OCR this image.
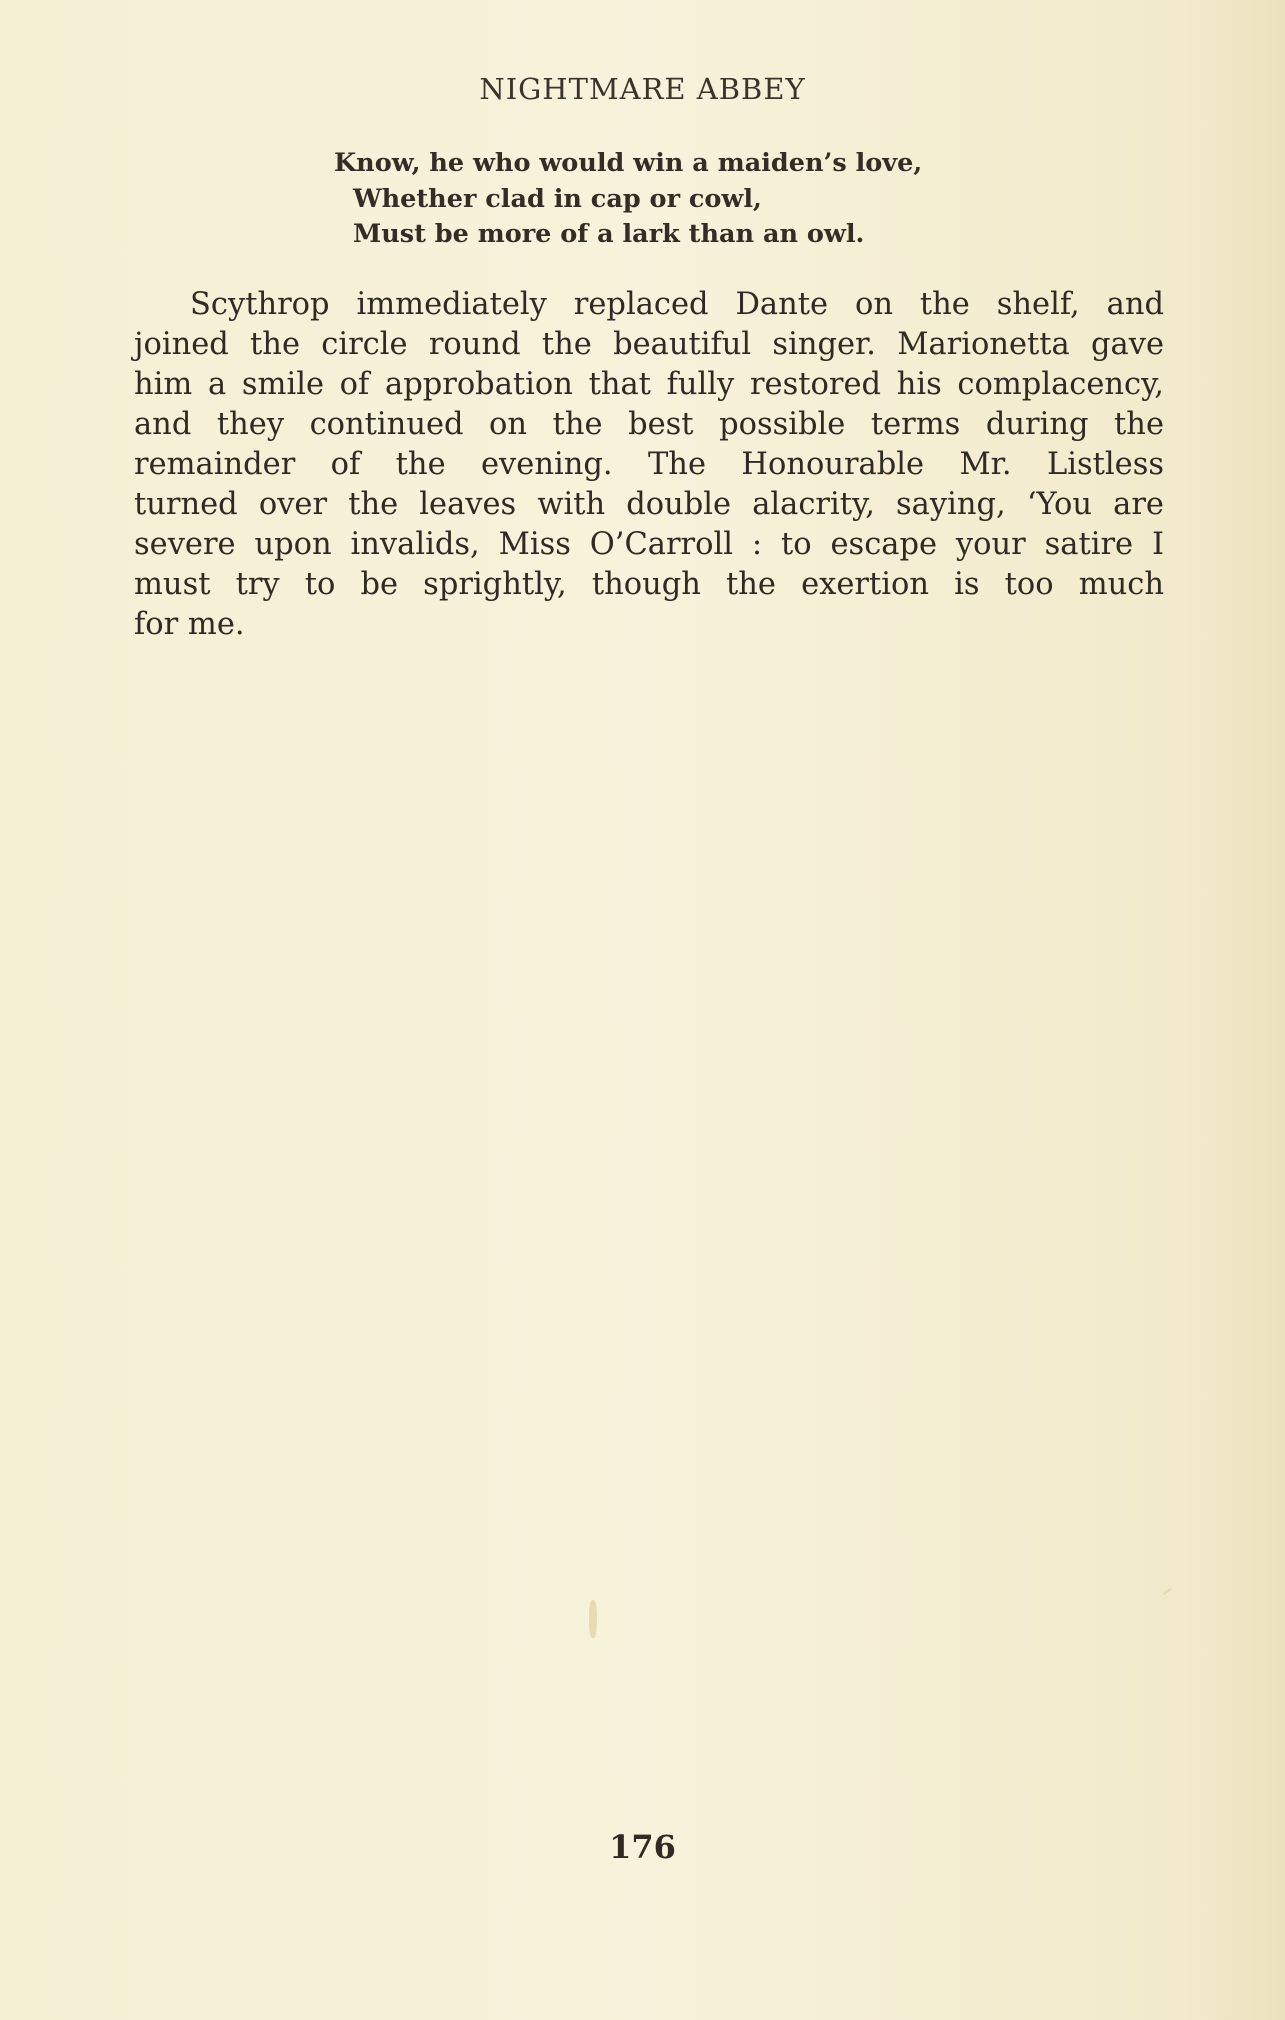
NIGHTMARE ABBEY
Know, he who would win a maiden’s love,
Whether clad in cap or cowl,
Must be more of a lark than an owl.
Scythrop immediately replaced Dante on the shelf, and
joined the circle round the beautiful singer. Marionetta gave
him a smile of approbation that fully restored his complacency,
and they continued on the best possible terms during the
remainder of the evening. The Honourable Mr. Listless
turned over the leaves with double alacrity, saying, ‘You are
severe upon invalids, Miss O’Carroll : to escape your satire I
must try to be sprightly, though the exertion is too much
for me.
176
